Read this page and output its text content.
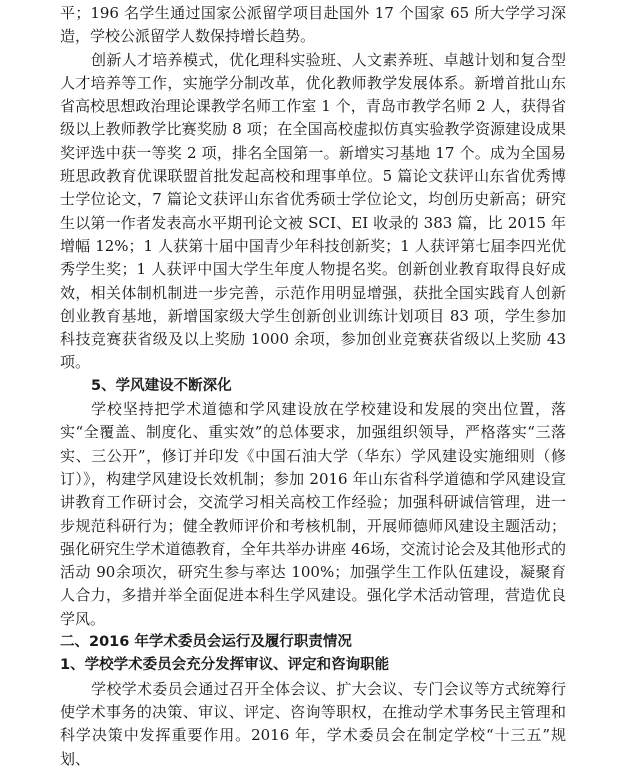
平；196 名学生通过国家公派留学项目赴国外 17 个国家 65 所大学学习深造，学校公派留学人数保持增长趋势。

创新人才培养模式，优化理科实验班、人文素养班、卓越计划和复合型人才培养等工作，实施学分制改革，优化教师教学发展体系。新增首批山东省高校思想政治理论课教学名师工作室 1 个，青岛市教学名师 2 人，获得省级以上教师教学比赛奖励 8 项；在全国高校虚拟仿真实验教学资源建设成果奖评选中获一等奖 2 项，排名全国第一。新增实习基地 17 个。成为全国易班思政教育优课联盟首批发起高校和理事单位。5 篇论文获评山东省优秀博士学位论文，7 篇论文获评山东省优秀硕士学位论文，均创历史新高；研究生以第一作者发表高水平期刊论文被 SCI、EI 收录的 383 篇，比 2015 年增幅 12%；1 人获第十届中国青少年科技创新奖；1 人获评第七届李四光优秀学生奖；1 人获评中国大学生年度人物提名奖。创新创业教育取得良好成效，相关体制机制进一步完善，示范作用明显增强，获批全国实践育人创新创业教育基地，新增国家级大学生创新创业训练计划项目 83 项，学生参加科技竞赛获省级及以上奖励 1000 余项，参加创业竞赛获省级以上奖励 43 项。

5、学风建设不断深化

学校坚持把学术道德和学风建设放在学校建设和发展的突出位置，落实“全覆盖、制度化、重实效”的总体要求，加强组织领导，严格落实“三落实、三公开”，修订并印发《中国石油大学（华东）学风建设实施细则（修订）》，构建学风建设长效机制；参加 2016 年山东省科学道德和学风建设宣讲教育工作研讨会，交流学习相关高校工作经验；加强科研诚信管理，进一步规范科研行为；健全教师评价和考核机制，开展师德师风建设主题活动；强化研究生学术道德教育，全年共举办讲座 46场，交流讨论会及其他形式的活动 90余项次，研究生参与率达 100%；加强学生工作队伍建设，凝聚育人合力，多措并举全面促进本科生学风建设。强化学术活动管理，营造优良学风。

二、2016 年学术委员会运行及履行职责情况

1、学校学术委员会充分发挥审议、评定和咨询职能

学校学术委员会通过召开全体会议、扩大会议、专门会议等方式统筹行使学术事务的决策、审议、评定、咨询等职权，在推动学术事务民主管理和科学决策中发挥重要作用。2016 年，学术委员会在制定学校“十三五”规划、
